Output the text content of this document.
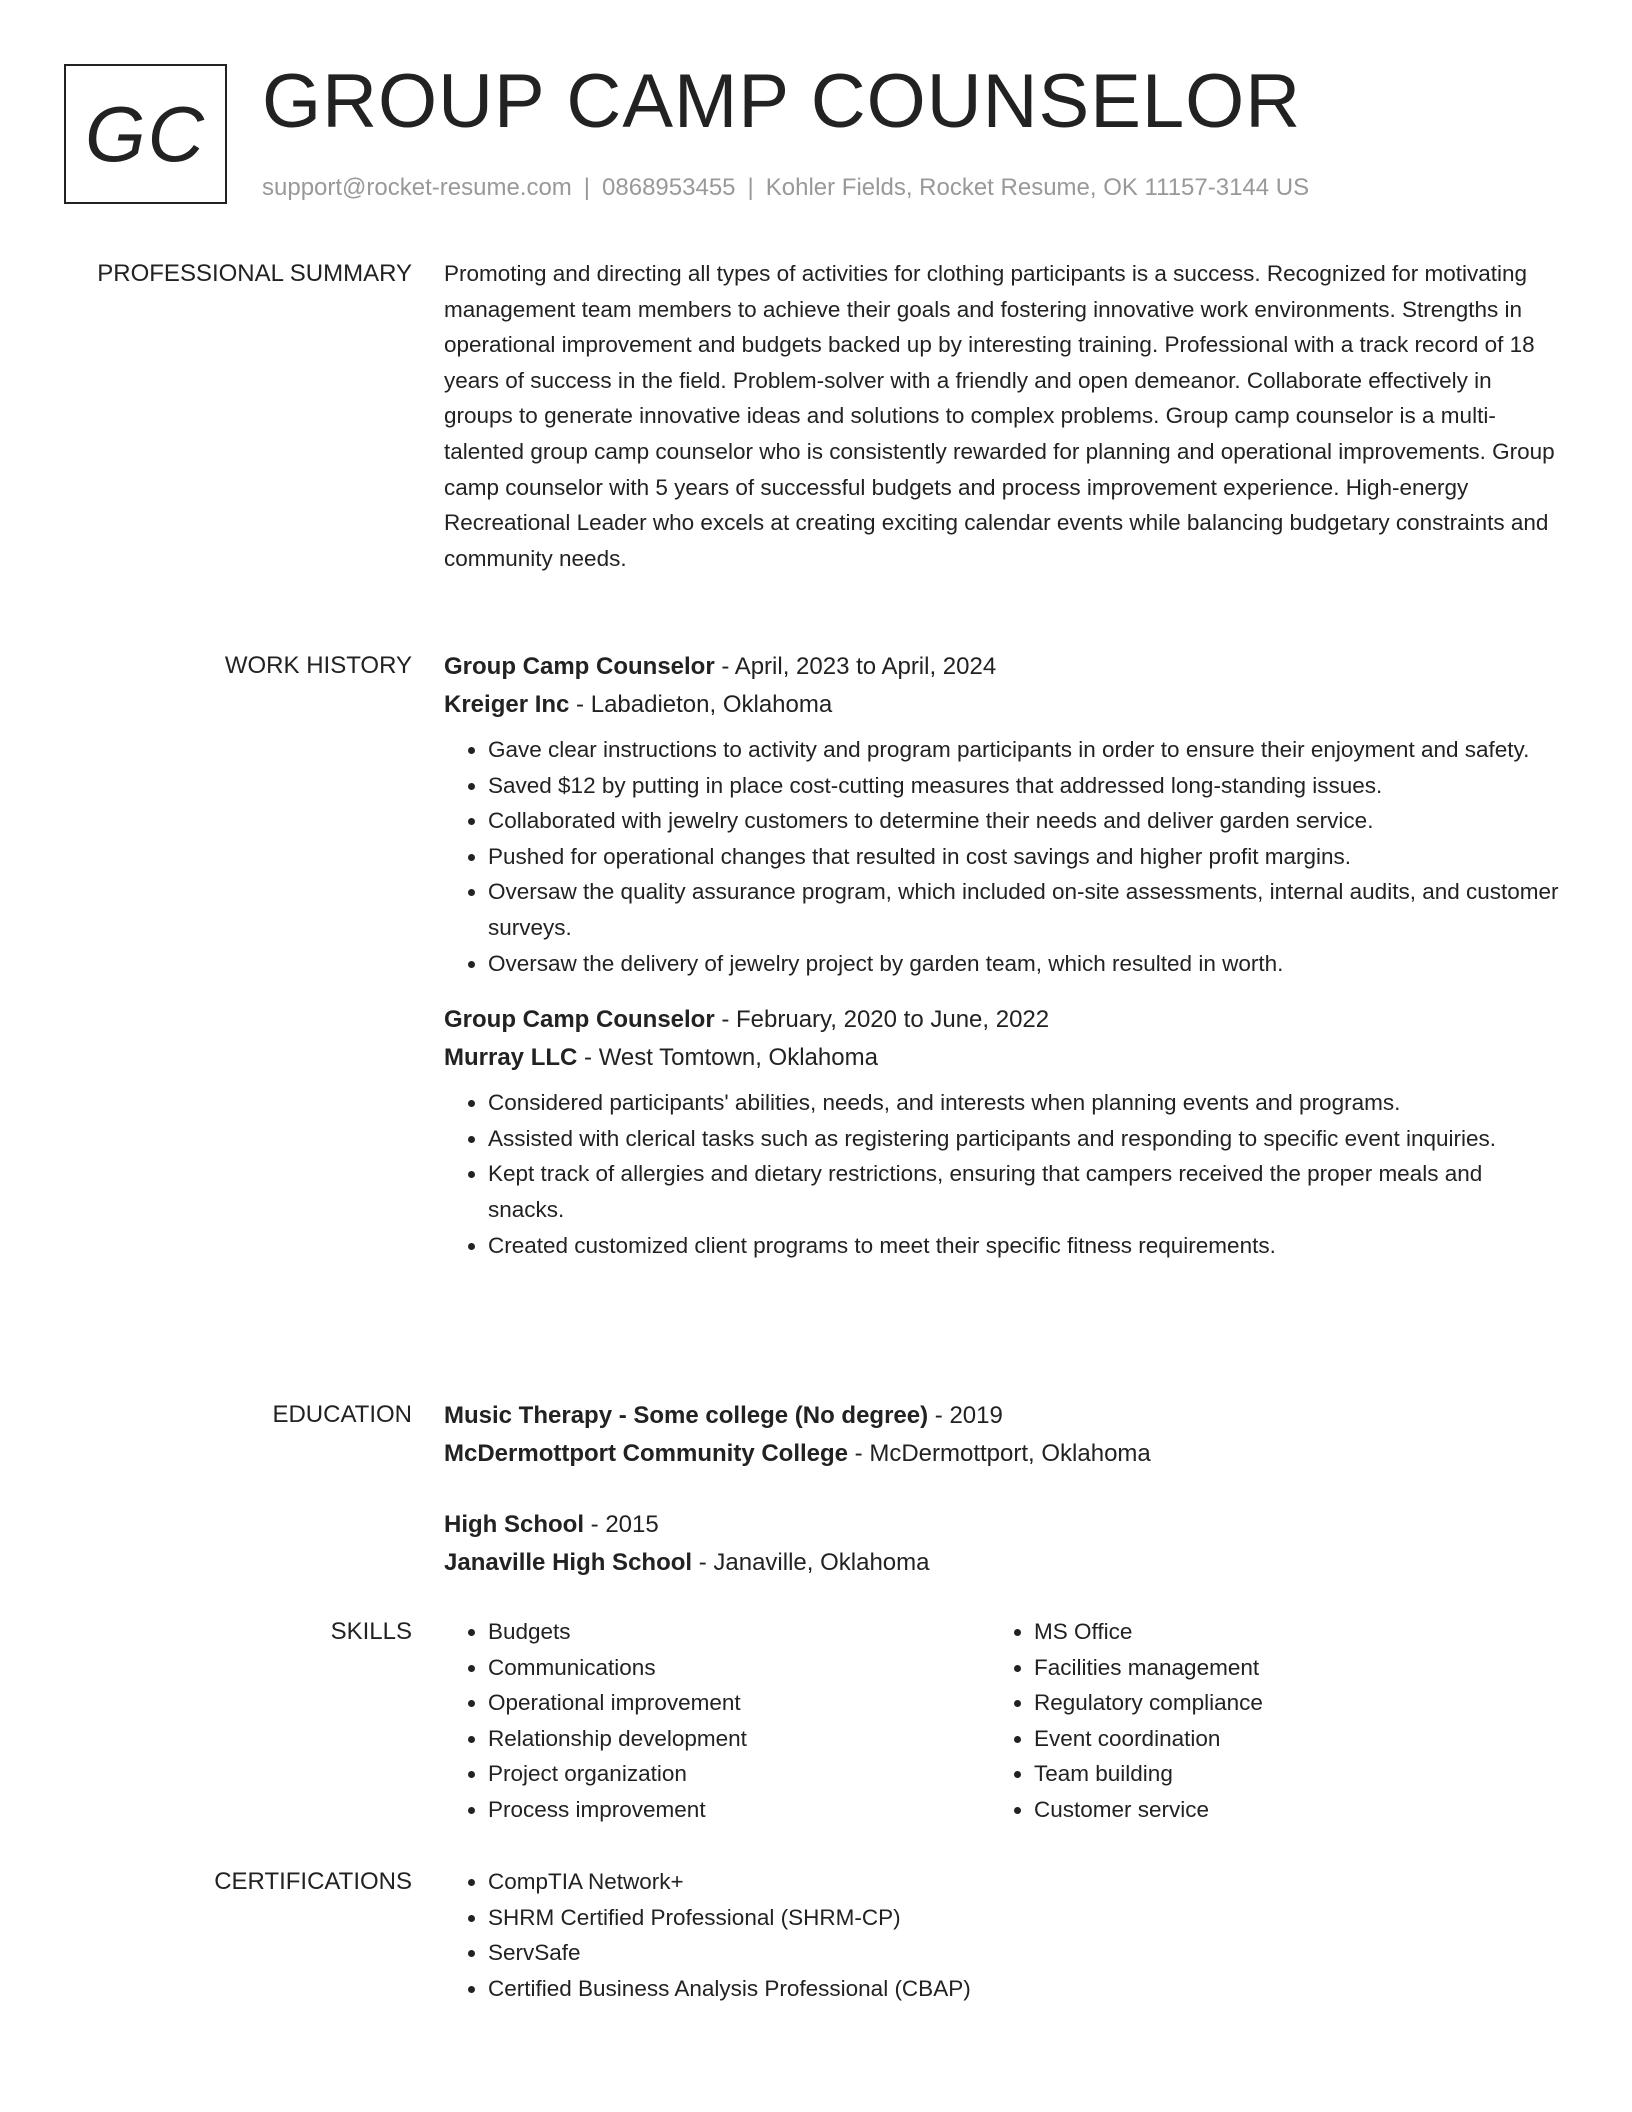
GC GROUP CAMP COUNSELOR
support@rocket-resume.com | 0868953455 | Kohler Fields, Rocket Resume, OK 11157-3144 US
PROFESSIONAL SUMMARY Promoting and directing all types of activities for clothing participants is a success. Recognized for motivating management team members to achieve their goals and fostering innovative work environments. Strengths in operational improvement and budgets backed up by interesting training. Professional with a track record of 18 years of success in the field. Problem-solver with a friendly and open demeanor. Collaborate effectively in groups to generate innovative ideas and solutions to complex problems. Group camp counselor is a multi-talented group camp counselor who is consistently rewarded for planning and operational improvements. Group camp counselor with 5 years of successful budgets and process improvement experience. High-energy Recreational Leader who excels at creating exciting calendar events while balancing budgetary constraints and community needs.

WORK HISTORY Group Camp Counselor - April, 2023 to April, 2024
Kreiger Inc - Labadieton, Oklahoma
• Gave clear instructions to activity and program participants in order to ensure their enjoyment and safety.
• Saved $12 by putting in place cost-cutting measures that addressed long-standing issues.
• Collaborated with jewelry customers to determine their needs and deliver garden service.
• Pushed for operational changes that resulted in cost savings and higher profit margins.
• Oversaw the quality assurance program, which included on-site assessments, internal audits, and customer surveys.
• Oversaw the delivery of jewelry project by garden team, which resulted in worth.
Group Camp Counselor - February, 2020 to June, 2022
Murray LLC - West Tomtown, Oklahoma
• Considered participants' abilities, needs, and interests when planning events and programs.
• Assisted with clerical tasks such as registering participants and responding to specific event inquiries.
• Kept track of allergies and dietary restrictions, ensuring that campers received the proper meals and snacks.
• Created customized client programs to meet their specific fitness requirements.
EDUCATION Music Therapy - Some college (No degree) - 2019
McDermottport Community College - McDermottport, Oklahoma
High School - 2015
Janaville High School - Janaville, Oklahoma
SKILLS	• Budgets
• Communications
• Operational improvement
• Relationship development
• Project organization
• Process improvement
• MS Office
• Facilities management
• Regulatory compliance
• Event coordination
• Team building
• Customer service
CERTIFICATIONS	• CompTIA Network+
• SHRM Certified Professional (SHRM-CP)
• ServSafe
• Certified Business Analysis Professional (CBAP)
